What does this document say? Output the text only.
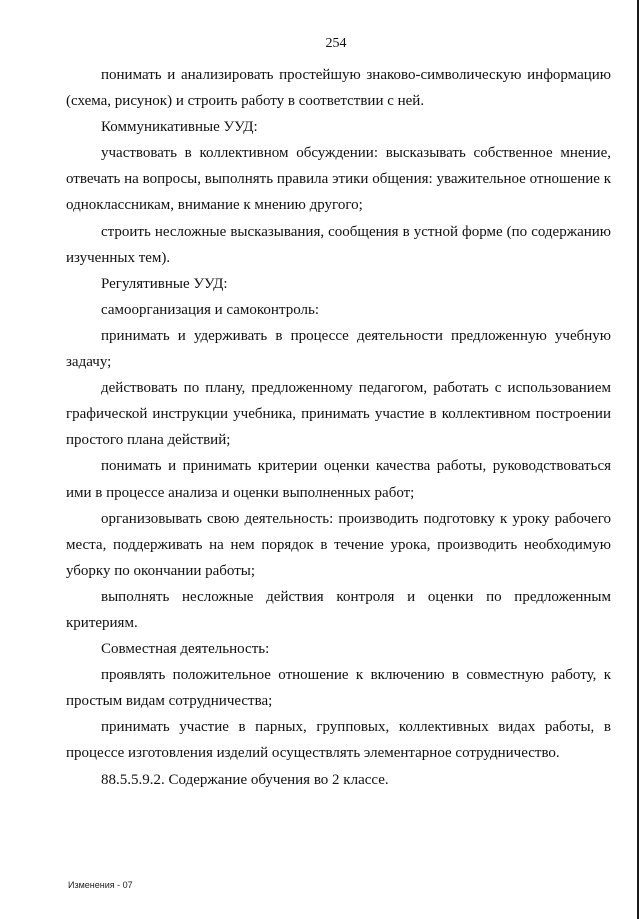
254

понимать и анализировать простейшую знаково-символическую информацию (схема, рисунок) и строить работу в соответствии с ней.

Коммуникативные УУД:

участвовать в коллективном обсуждении: высказывать собственное мнение, отвечать на вопросы, выполнять правила этики общения: уважительное отношение к одноклассникам, внимание к мнению другого;

строить несложные высказывания, сообщения в устной форме (по содержанию изученных тем).

Регулятивные УУД:

самоорганизация и самоконтроль:

принимать и удерживать в процессе деятельности предложенную учебную задачу;

действовать по плану, предложенному педагогом, работать с использованием графической инструкции учебника, принимать участие в коллективном построении простого плана действий;

понимать и принимать критерии оценки качества работы, руководствоваться ими в процессе анализа и оценки выполненных работ;

организовывать свою деятельность: производить подготовку к уроку рабочего места, поддерживать на нем порядок в течение урока, производить необходимую уборку по окончании работы;

выполнять несложные действия контроля и оценки по предложенным критериям.

Совместная деятельность:

проявлять положительное отношение к включению в совместную работу, к простым видам сотрудничества;

принимать участие в парных, групповых, коллективных видах работы, в процессе изготовления изделий осуществлять элементарное сотрудничество.

88.5.5.9.2. Содержание обучения во 2 классе.

Изменения - 07
